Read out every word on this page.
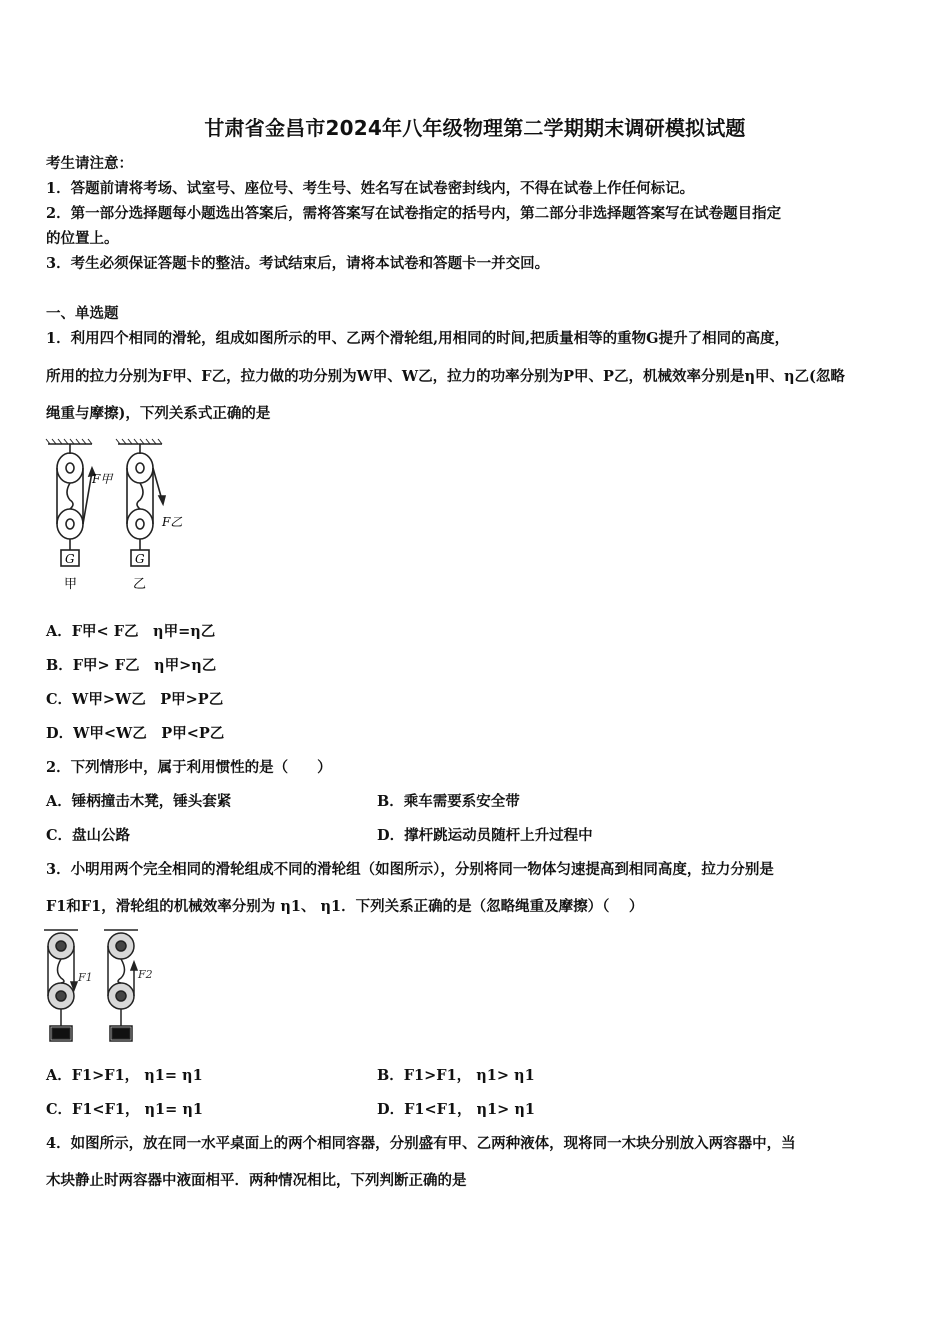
甘肃省金昌市2024年八年级物理第二学期期末调研模拟试题
考生请注意：
1．答题前请将考场、试室号、座位号、考生号、姓名写在试卷密封线内，不得在试卷上作任何标记。
2．第一部分选择题每小题选出答案后，需将答案写在试卷指定的括号内，第二部分非选择题答案写在试卷题目指定
的位置上。
3．考生必须保证答题卡的整洁。考试结束后，请将本试卷和答题卡一并交回。
一、单选题
1．利用四个相同的滑轮，组成如图所示的甲、乙两个滑轮组,用相同的时间,把质量相等的重物G提升了相同的高度，
所用的拉力分别为F甲、F乙，拉力做的功分别为W甲、W乙，拉力的功率分别为P甲、P乙，机械效率分别是η甲、η乙(忽略
绳重与摩擦)，下列关系式正确的是
G	G
F甲
F乙
甲	乙
A．F甲< F乙　η甲=η乙
B．F甲> F乙　η甲>η乙
C．W甲>W乙　P甲>P乙
D．W甲<W乙　P甲<P乙
2．下列情形中，属于利用惯性的是（　　）
A．锤柄撞击木凳，锤头套紧	B．乘车需要系安全带
C．盘山公路	D．撑杆跳运动员随杆上升过程中
3．小明用两个完全相同的滑轮组成不同的滑轮组（如图所示），分别将同一物体匀速提高到相同高度，拉力分别是
F1和F1，滑轮组的机械效率分别为 η1、 η1．下列关系正确的是（忽略绳重及摩擦）（　 ）
F1	F2
A．F1>F1， η1= η1	B．F1>F1， η1> η1
C．F1<F1， η1= η1	D．F1<F1， η1> η1
4．如图所示，放在同一水平桌面上的两个相同容器，分别盛有甲、乙两种液体，现将同一木块分别放入两容器中，当
木块静止时两容器中液面相平．两种情况相比，下列判断正确的是
